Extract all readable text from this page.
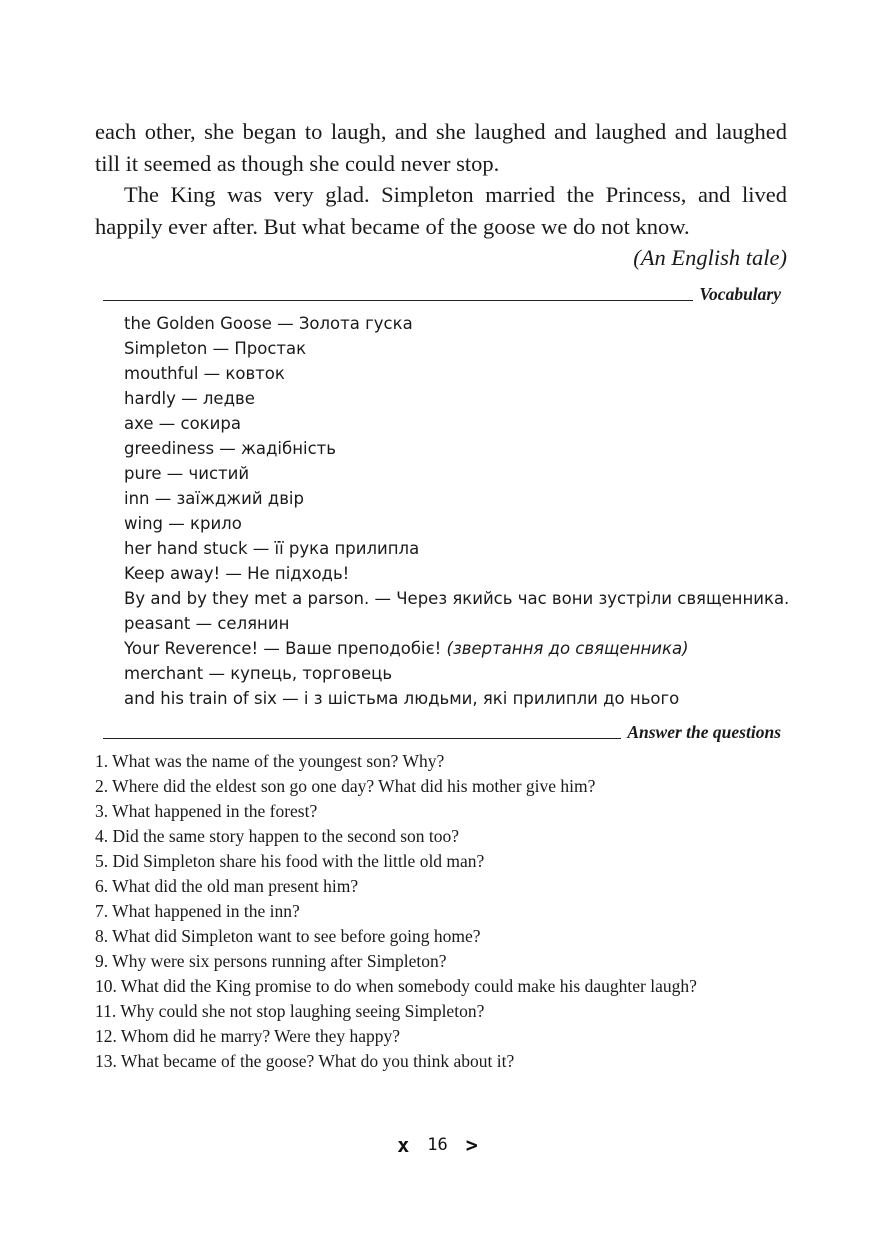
each other, she began to laugh, and she laughed and laughed and laughed

till it seemed as though she could never stop.

The King was very glad. Simpleton married the Princess, and lived

happily ever after. But what became of the goose we do not know.

(An English tale)

Vocabulary
the Golden Goose — Золота гуска
Simpleton — Простак
mouthful — ковток
hardly — ледве
axe — сокира
greediness — жадібність
pure — чистий
inn — заїжджий двір
wing — крило
her hand stuck — її рука прилипла
Keep away! — Не підходь!
By and by they met a parson. — Через якийсь час вони зустріли священника.
peasant — селянин
Your Reverence! — Ваше преподобіє! (звертання до священника)
merchant — купець, торговець
and his train of six — і з шістьма людьми, які прилипли до нього
Answer the questions
1. What was the name of the youngest son? Why?
2. Where did the eldest son go one day? What did his mother give him?
3. What happened in the forest?
4. Did the same story happen to the second son too?
5. Did Simpleton share his food with the little old man?
6. What did the old man present him?
7. What happened in the inn?
8. What did Simpleton want to see before going home?
9. Why were six persons running after Simpleton?
10. What did the King promise to do when somebody could make his daughter laugh?
11. Why could she not stop laughing seeing Simpleton?
12. Whom did he marry? Were they happy?
13. What became of the goose? What do you think about it?
x 16 >
